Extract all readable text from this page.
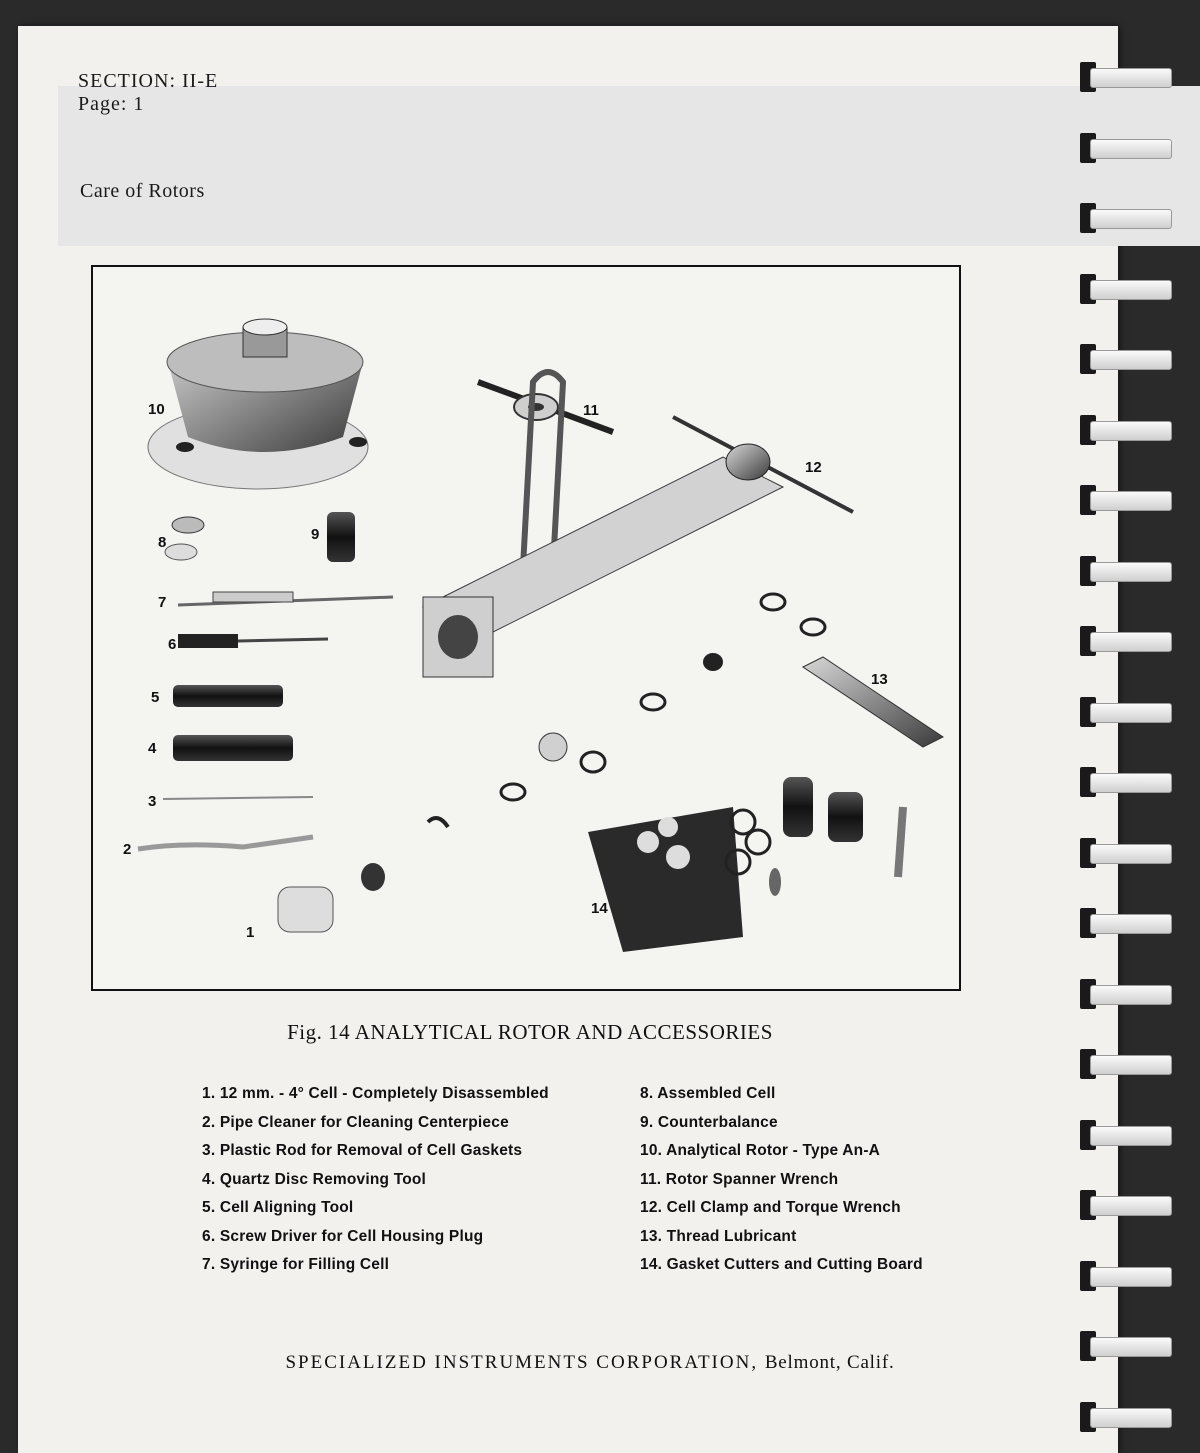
SECTION: II-E
Page: 1
Care of Rotors
10	11
12
8	9
7
6
5
13
4
3
2
14
1
Fig. 14 ANALYTICAL ROTOR AND ACCESSORIES
1. 12 mm. - 4° Cell - Completely Disassembled
2. Pipe Cleaner for Cleaning Centerpiece
3. Plastic Rod for Removal of Cell Gaskets
4. Quartz Disc Removing Tool
5. Cell Aligning Tool
6. Screw Driver for Cell Housing Plug
7. Syringe for Filling Cell
8. Assembled Cell
9. Counterbalance
10. Analytical Rotor - Type An-A
11. Rotor Spanner Wrench
12. Cell Clamp and Torque Wrench
13. Thread Lubricant
14. Gasket Cutters and Cutting Board
SPECIALIZED INSTRUMENTS CORPORATION, Belmont, Calif.
